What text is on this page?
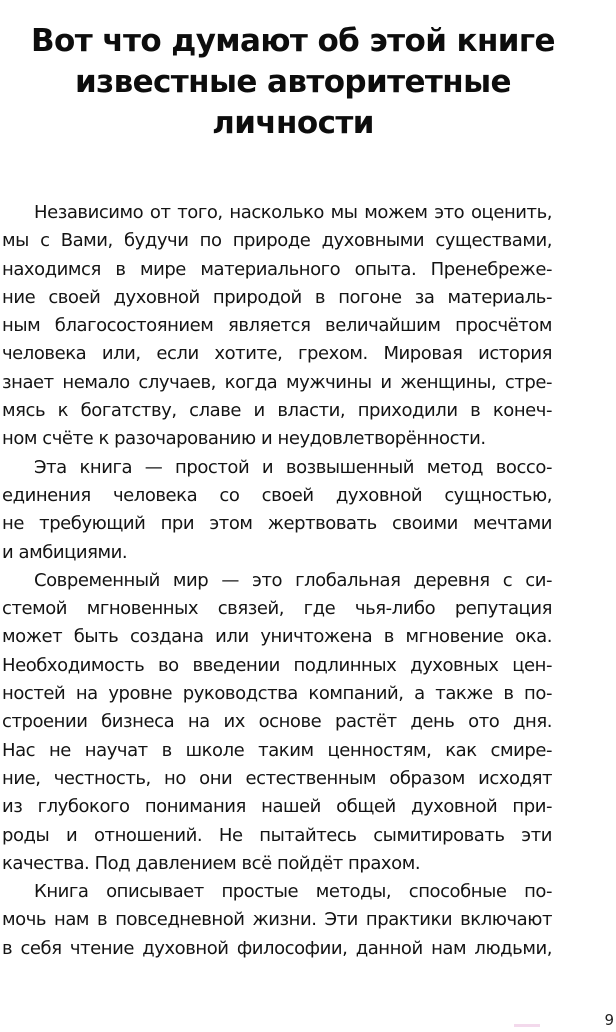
Вот что думают об этой книге
известные авторитетные
личности
Независимо от того, насколько мы можем это оценить,
мы с Вами, будучи по природе духовными существами,
находимся в мире материального опыта. Пренебреже-
ние своей духовной природой в погоне за материаль-
ным благосостоянием является величайшим просчётом
человека или, если хотите, грехом. Мировая история
знает немало случаев, когда мужчины и женщины, стре-
мясь к богатству, славе и власти, приходили в конеч-
ном счёте к разочарованию и неудовлетворённости.
Эта книга — простой и возвышенный метод воссо-
единения человека со своей духовной сущностью,
не требующий при этом жертвовать своими мечтами
и амбициями.
Современный мир — это глобальная деревня с си-
стемой мгновенных связей, где чья-либо репутация
может быть создана или уничтожена в мгновение ока.
Необходимость во введении подлинных духовных цен-
ностей на уровне руководства компаний, а также в по-
строении бизнеса на их основе растёт день ото дня.
Нас не научат в школе таким ценностям, как смире-
ние, честность, но они естественным образом исходят
из глубокого понимания нашей общей духовной при-
роды и отношений. Не пытайтесь сымитировать эти
качества. Под давлением всё пойдёт прахом.
Книга описывает простые методы, способные по-
мочь нам в повседневной жизни. Эти практики включают
в себя чтение духовной философии, данной нам людьми,
9
